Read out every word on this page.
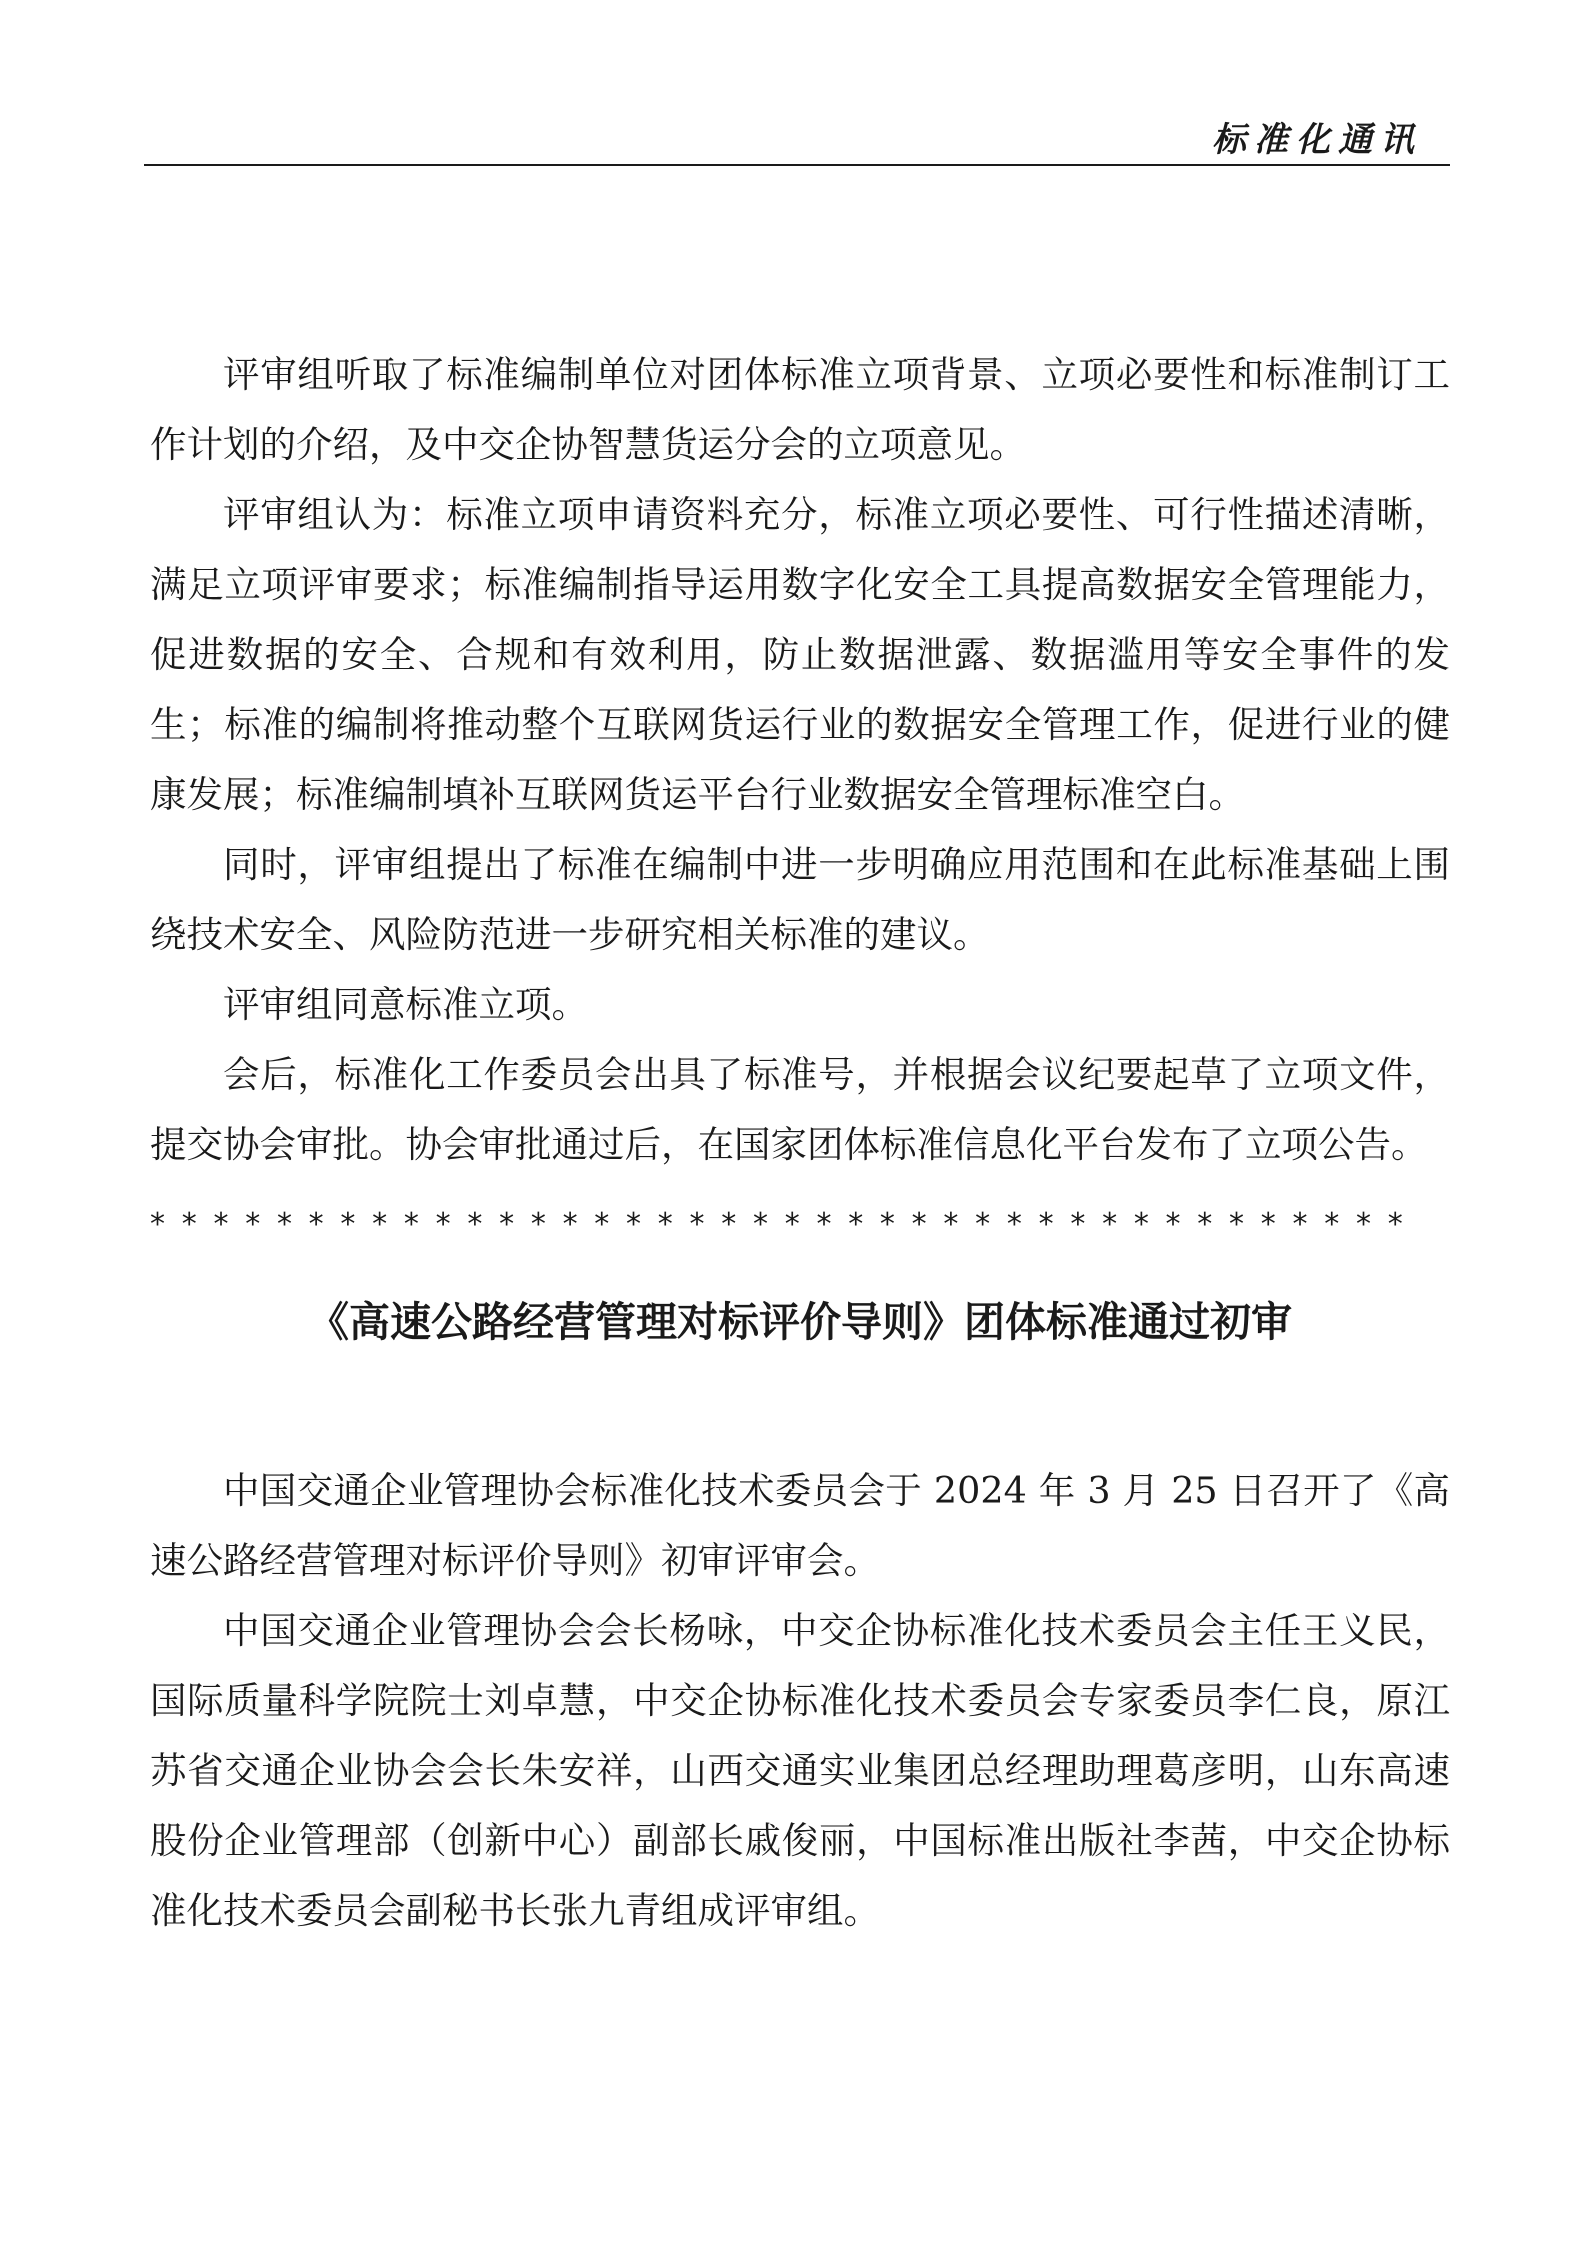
标准化通讯

评审组听取了标准编制单位对团体标准立项背景、立项必要性和标准制订工作计划的介绍，及中交企协智慧货运分会的立项意见。

评审组认为：标准立项申请资料充分，标准立项必要性、可行性描述清晰，满足立项评审要求；标准编制指导运用数字化安全工具提高数据安全管理能力，促进数据的安全、合规和有效利用，防止数据泄露、数据滥用等安全事件的发生；标准的编制将推动整个互联网货运行业的数据安全管理工作，促进行业的健康发展；标准编制填补互联网货运平台行业数据安全管理标准空白。

同时，评审组提出了标准在编制中进一步明确应用范围和在此标准基础上围绕技术安全、风险防范进一步研究相关标准的建议。

评审组同意标准立项。

会后，标准化工作委员会出具了标准号，并根据会议纪要起草了立项文件，提交协会审批。协会审批通过后，在国家团体标准信息化平台发布了立项公告。

* * * * * * * * * * * * * * * * * * * * * * * * * * * * * * * * * * * * * * * *
《高速公路经营管理对标评价导则》团体标准通过初审

中国交通企业管理协会标准化技术委员会于 2024 年 3 月 25 日召开了《高速公路经营管理对标评价导则》初审评审会。

中国交通企业管理协会会长杨咏，中交企协标准化技术委员会主任王义民，国际质量科学院院士刘卓慧，中交企协标准化技术委员会专家委员李仁良，原江苏省交通企业协会会长朱安祥，山西交通实业集团总经理助理葛彦明，山东高速股份企业管理部（创新中心）副部长戚俊丽，中国标准出版社李茜，中交企协标准化技术委员会副秘书长张九青组成评审组。
